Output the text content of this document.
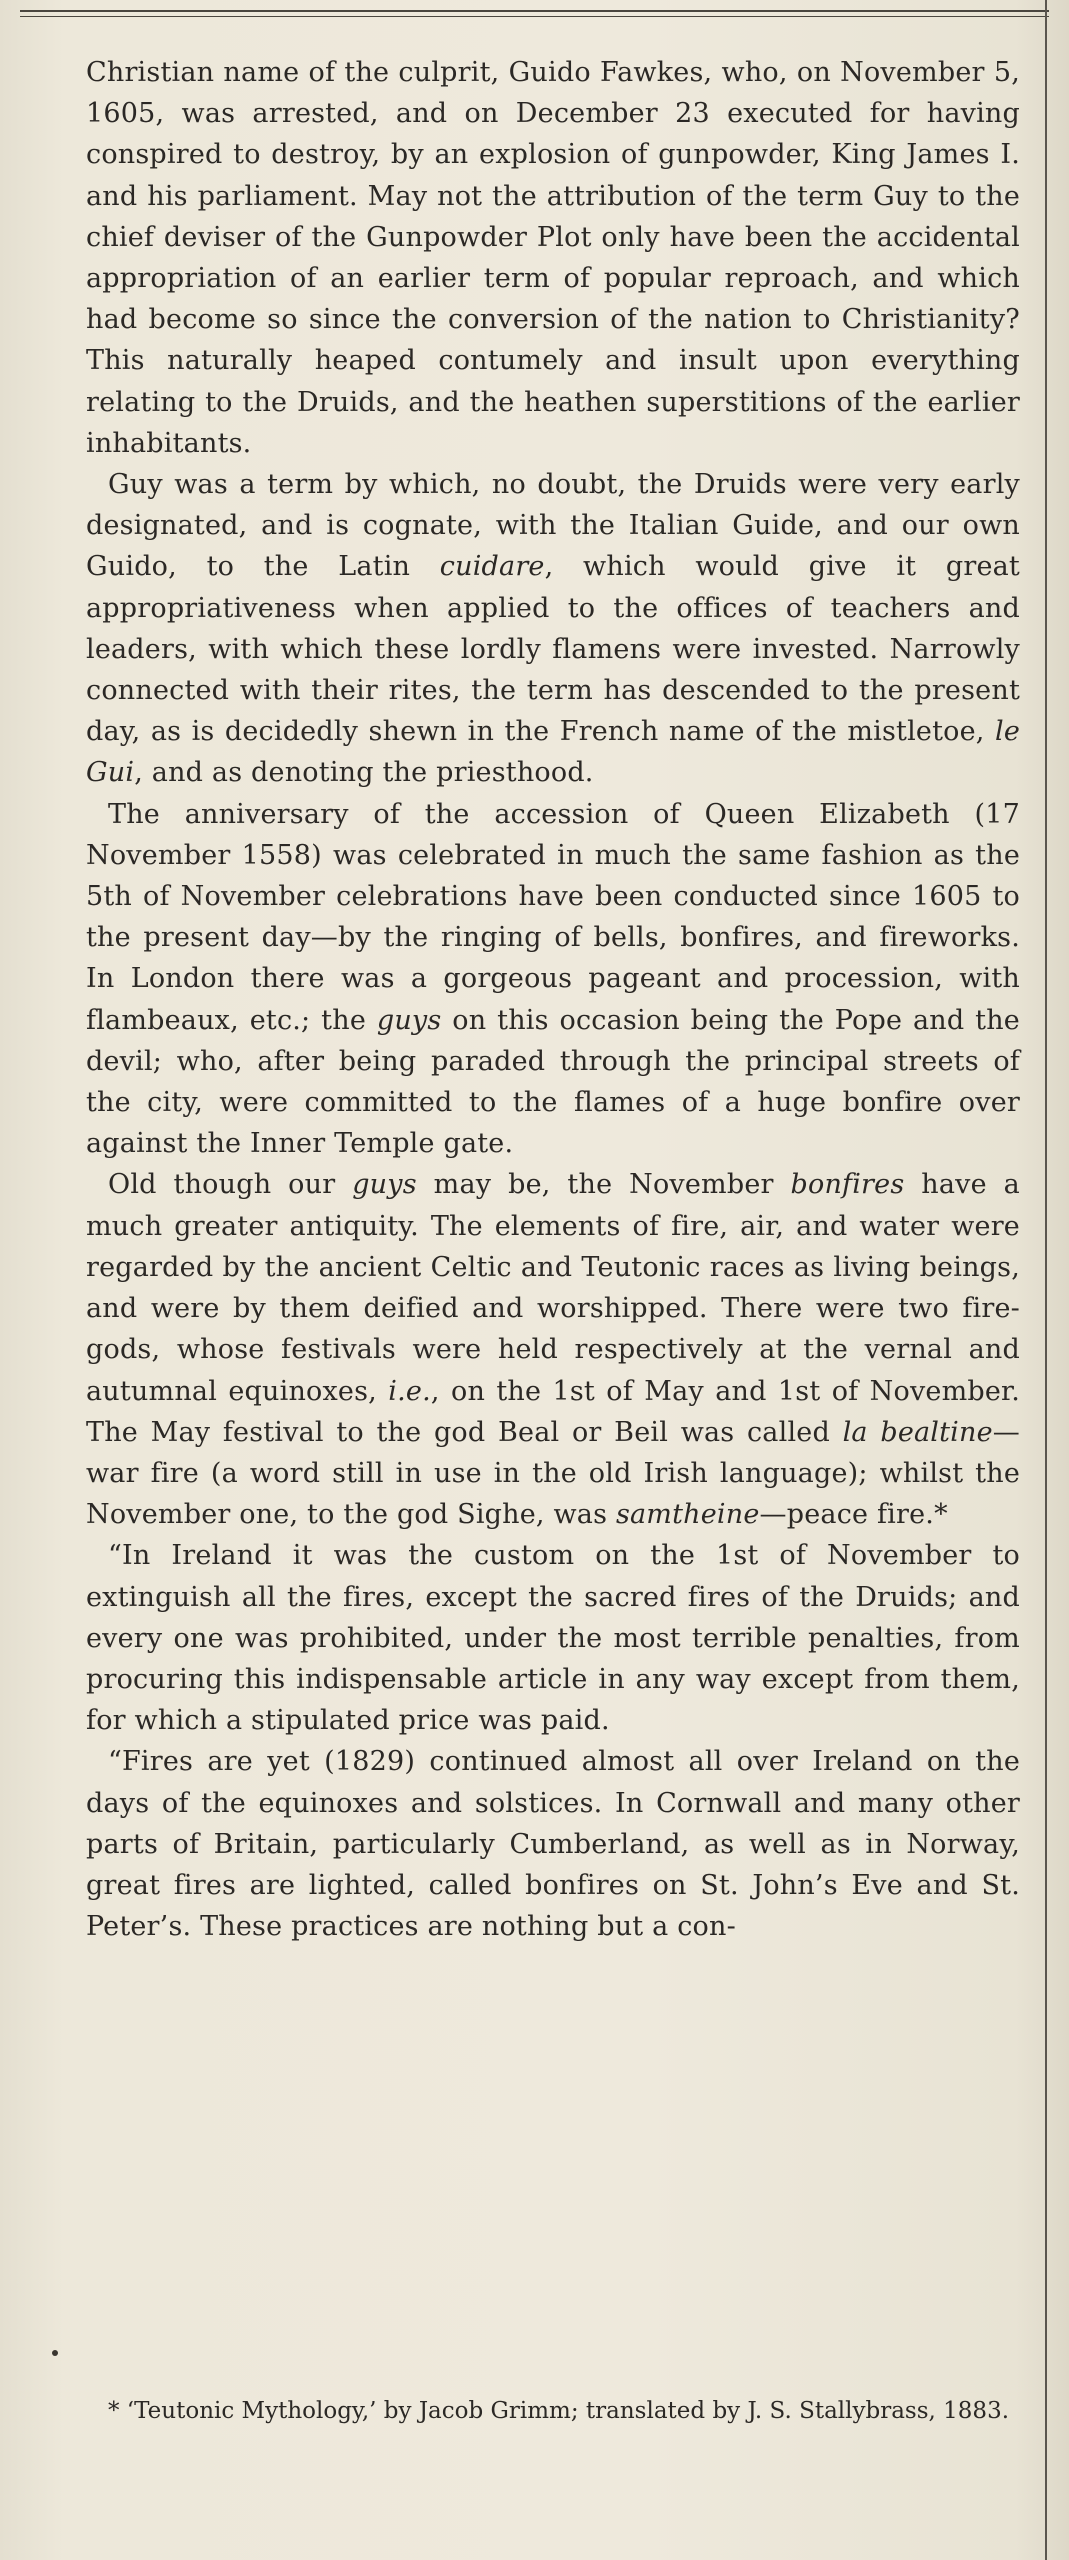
Christian name of the culprit, Guido Fawkes, who, on November 5, 1605, was arrested, and on December 23 executed for having conspired to destroy, by an explosion of gunpowder, King James I. and his parliament. May not the attribution of the term Guy to the chief deviser of the Gunpowder Plot only have been the accidental appropriation of an earlier term of popular reproach, and which had become so since the conversion of the nation to Christianity? This naturally heaped contumely and insult upon everything relating to the Druids, and the heathen superstitions of the earlier inhabitants.

Guy was a term by which, no doubt, the Druids were very early designated, and is cognate, with the Italian Guide, and our own Guido, to the Latin cuidare, which would give it great appropriativeness when applied to the offices of teachers and leaders, with which these lordly flamens were invested. Narrowly connected with their rites, the term has descended to the present day, as is decidedly shewn in the French name of the mistletoe, le Gui, and as denoting the priesthood.

The anniversary of the accession of Queen Elizabeth (17 November 1558) was celebrated in much the same fashion as the 5th of November celebrations have been conducted since 1605 to the present day—by the ringing of bells, bonfires, and fireworks. In London there was a gorgeous pageant and procession, with flambeaux, etc.; the guys on this occasion being the Pope and the devil; who, after being paraded through the principal streets of the city, were committed to the flames of a huge bonfire over against the Inner Temple gate.

Old though our guys may be, the November bonfires have a much greater antiquity. The elements of fire, air, and water were regarded by the ancient Celtic and Teutonic races as living beings, and were by them deified and worshipped. There were two fire-gods, whose festivals were held respectively at the vernal and autumnal equinoxes, i.e., on the 1st of May and 1st of November. The May festival to the god Beal or Beil was called la bealtine—war fire (a word still in use in the old Irish language); whilst the November one, to the god Sighe, was samtheine—peace fire.*

“In Ireland it was the custom on the 1st of November to extinguish all the fires, except the sacred fires of the Druids; and every one was prohibited, under the most terrible penalties, from procuring this indispensable article in any way except from them, for which a stipulated price was paid.

“Fires are yet (1829) continued almost all over Ireland on the days of the equinoxes and solstices. In Cornwall and many other parts of Britain, particularly Cumberland, as well as in Norway, great fires are lighted, called bonfires on St. John’s Eve and St. Peter’s. These practices are nothing but a con-

* ‘Teutonic Mythology,’ by Jacob Grimm; translated by J. S. Stallybrass, 1883.
